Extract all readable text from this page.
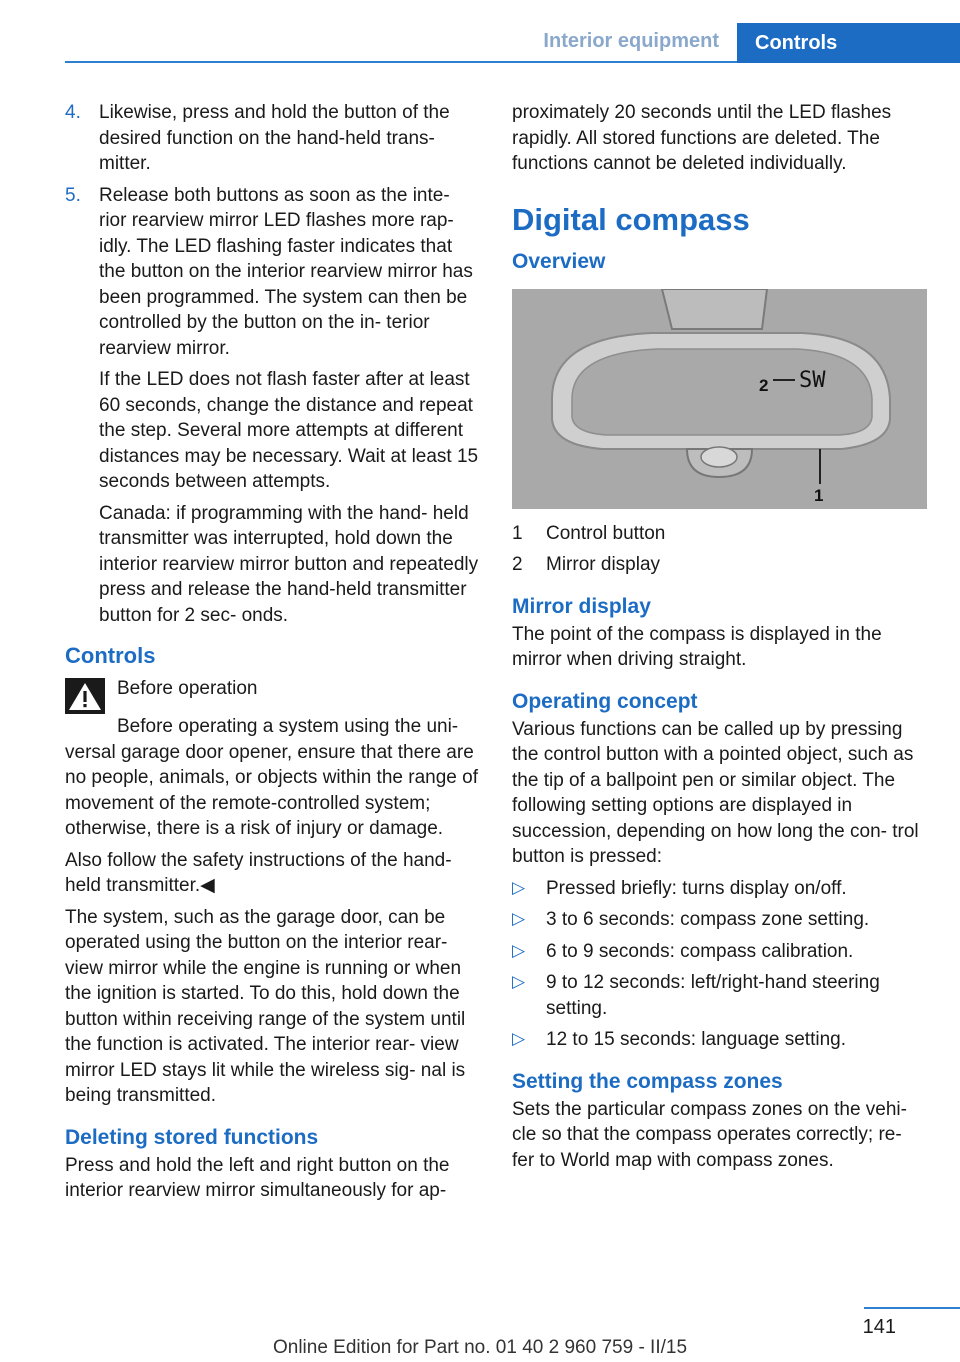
Interior equipment	Controls
4. Likewise, press and hold the button of the desired function on the hand-held trans‐ mitter.

5. Release both buttons as soon as the inte‐ rior rearview mirror LED flashes more rap‐ idly. The LED flashing faster indicates that the button on the interior rearview mirror has been programmed. The system can then be controlled by the button on the in‐ terior rearview mirror.

If the LED does not flash faster after at least 60 seconds, change the distance and repeat the step. Several more attempts at different distances may be necessary. Wait at least 15 seconds between attempts.

Canada: if programming with the hand- held transmitter was interrupted, hold down the interior rearview mirror button and repeatedly press and release the hand-held transmitter button for 2 sec‐ onds.

Controls

Before operation

Before operating a system using the uni‐ versal garage door opener, ensure that there are no people, animals, or objects within the range of movement of the remote-controlled system; otherwise, there is a risk of injury or damage.

Also follow the safety instructions of the hand-held transmitter.◀

The system, such as the garage door, can be operated using the button on the interior rear‐ view mirror while the engine is running or when the ignition is started. To do this, hold down the button within receiving range of the system until the function is activated. The interior rear‐ view mirror LED stays lit while the wireless sig‐ nal is being transmitted.

Deleting stored functions

Press and hold the left and right button on the interior rearview mirror simultaneously for ap‐

proximately 20 seconds until the LED flashes rapidly. All stored functions are deleted. The functions cannot be deleted individually.

Digital compass
Overview
1
2 SW
1 Control button
2 Mirror display
Mirror display

The point of the compass is displayed in the mirror when driving straight.

Operating concept

Various functions can be called up by pressing the control button with a pointed object, such as the tip of a ballpoint pen or similar object. The following setting options are displayed in succession, depending on how long the con‐ trol button is pressed:

▷ Pressed briefly: turns display on/off.
▷ 3 to 6 seconds: compass zone setting.
▷ 6 to 9 seconds: compass calibration.
▷ 9 to 12 seconds: left/right-hand steering setting.
▷ 12 to 15 seconds: language setting.
Setting the compass zones

Sets the particular compass zones on the vehi‐ cle so that the compass operates correctly; re‐ fer to World map with compass zones.

141
Online Edition for Part no. 01 40 2 960 759 - II/15
